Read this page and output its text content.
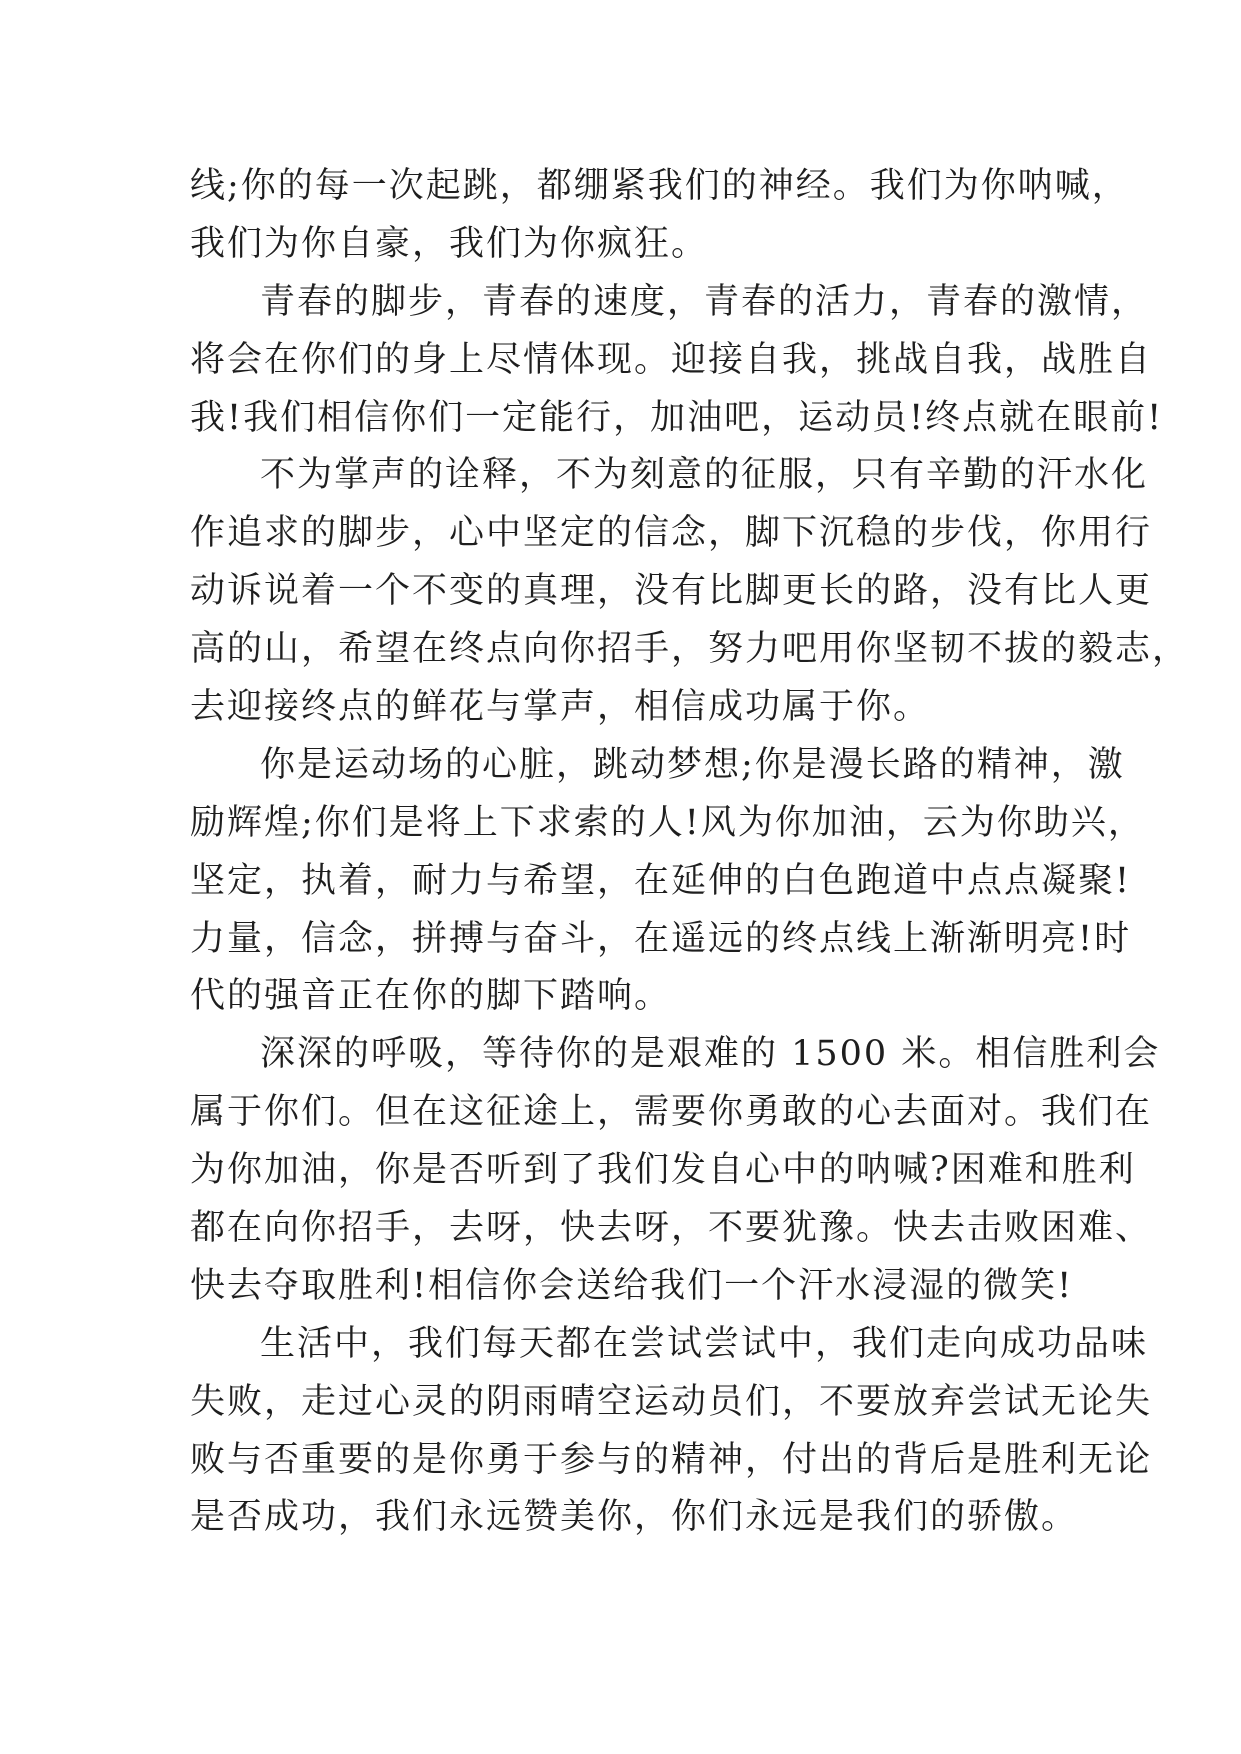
线;你的每一次起跳，都绷紧我们的神经。我们为你呐喊，
我们为你自豪，我们为你疯狂。
青春的脚步，青春的速度，青春的活力，青春的激情，
将会在你们的身上尽情体现。迎接自我，挑战自我，战胜自
我!我们相信你们一定能行，加油吧，运动员!终点就在眼前!
不为掌声的诠释，不为刻意的征服，只有辛勤的汗水化
作追求的脚步，心中坚定的信念，脚下沉稳的步伐，你用行
动诉说着一个不变的真理，没有比脚更长的路，没有比人更
高的山，希望在终点向你招手，努力吧用你坚韧不拔的毅志，
去迎接终点的鲜花与掌声，相信成功属于你。
你是运动场的心脏，跳动梦想;你是漫长路的精神，激
励辉煌;你们是将上下求索的人!风为你加油，云为你助兴，
坚定，执着，耐力与希望，在延伸的白色跑道中点点凝聚!
力量，信念，拼搏与奋斗，在遥远的终点线上渐渐明亮!时
代的强音正在你的脚下踏响。
深深的呼吸，等待你的是艰难的 1500 米。相信胜利会
属于你们。但在这征途上，需要你勇敢的心去面对。我们在
为你加油，你是否听到了我们发自心中的呐喊?困难和胜利
都在向你招手，去呀，快去呀，不要犹豫。快去击败困难、
快去夺取胜利!相信你会送给我们一个汗水浸湿的微笑!
生活中，我们每天都在尝试尝试中，我们走向成功品味
失败，走过心灵的阴雨晴空运动员们，不要放弃尝试无论失
败与否重要的是你勇于参与的精神，付出的背后是胜利无论
是否成功，我们永远赞美你，你们永远是我们的骄傲。
